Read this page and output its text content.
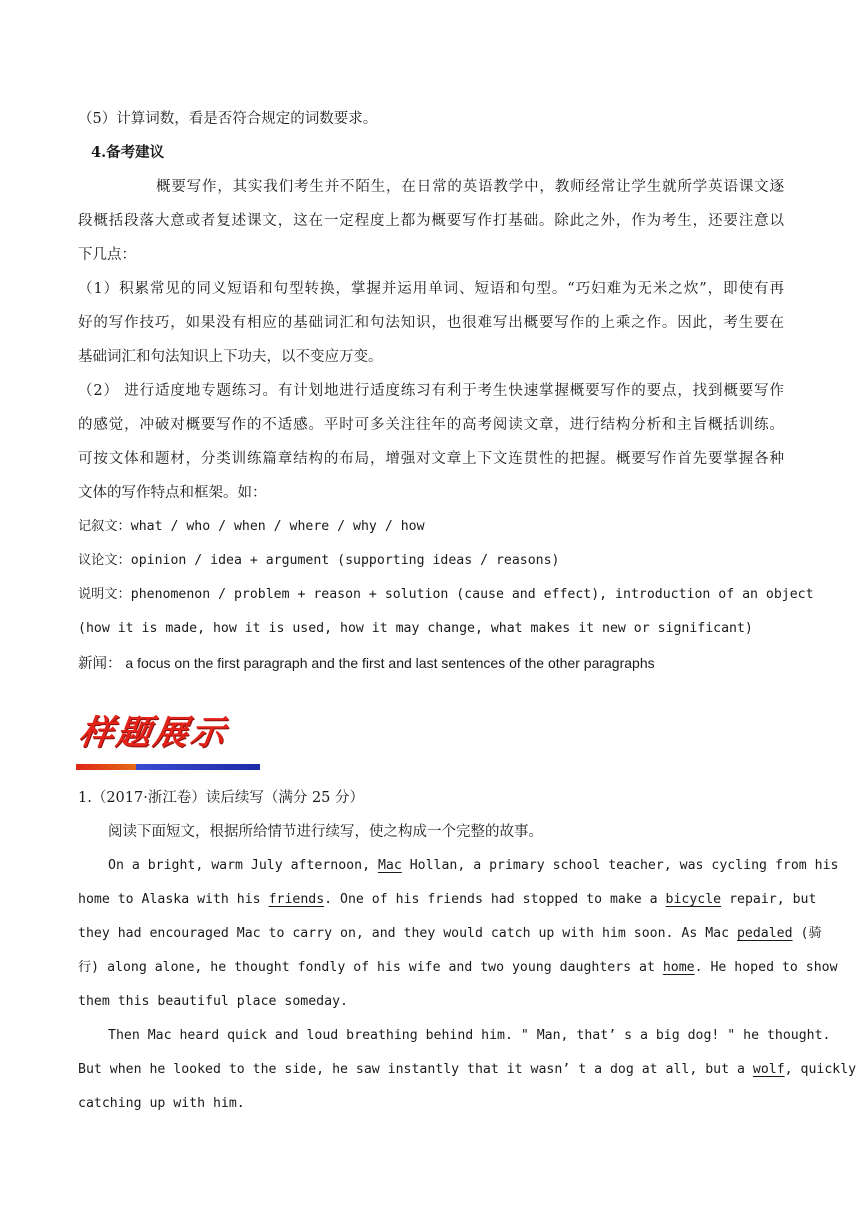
（5）计算词数，看是否符合规定的词数要求。
4.备考建议
概要写作，其实我们考生并不陌生，在日常的英语教学中，教师经常让学生就所学英语课文逐
段概括段落大意或者复述课文，这在一定程度上都为概要写作打基础。除此之外，作为考生，还要注意以
下几点：
（1）积累常见的同义短语和句型转换，掌握并运用单词、短语和句型。“巧妇难为无米之炊”，即使有再
好的写作技巧，如果没有相应的基础词汇和句法知识，也很难写出概要写作的上乘之作。因此，考生要在
基础词汇和句法知识上下功夫，以不变应万变。
（2） 进行适度地专题练习。有计划地进行适度练习有利于考生快速掌握概要写作的要点，找到概要写作
的感觉，冲破对概要写作的不适感。平时可多关注往年的高考阅读文章，进行结构分析和主旨概括训练。
可按文体和题材，分类训练篇章结构的布局，增强对文章上下文连贯性的把握。概要写作首先要掌握各种
文体的写作特点和框架。如：
记叙文：what / who / when / where / why / how
议论文：opinion / idea + argument (supporting ideas / reasons)
说明文：phenomenon / problem + reason + solution (cause and effect), introduction of an object
(how it is made, how it is used, how it may change, what makes it new or significant)
新闻： a focus on the first paragraph and the first and last sentences of the other paragraphs
样题展示
1.（2017·浙江卷）读后续写（满分 25 分）
阅读下面短文，根据所给情节进行续写，使之构成一个完整的故事。
On a bright, warm July afternoon, Mac Hollan, a primary school teacher, was cycling from his
home to Alaska with his friends. One of his friends had stopped to make a bicycle repair, but
they had encouraged Mac to carry on, and they would catch up with him soon. As Mac pedaled (骑
行) along alone, he thought fondly of his wife and two young daughters at home. He hoped to show
them this beautiful place someday.
Then Mac heard quick and loud breathing behind him. " Man, that’ s a big dog! " he thought.
But when he looked to the side, he saw instantly that it wasn’ t a dog at all, but a wolf, quickly
catching up with him.
